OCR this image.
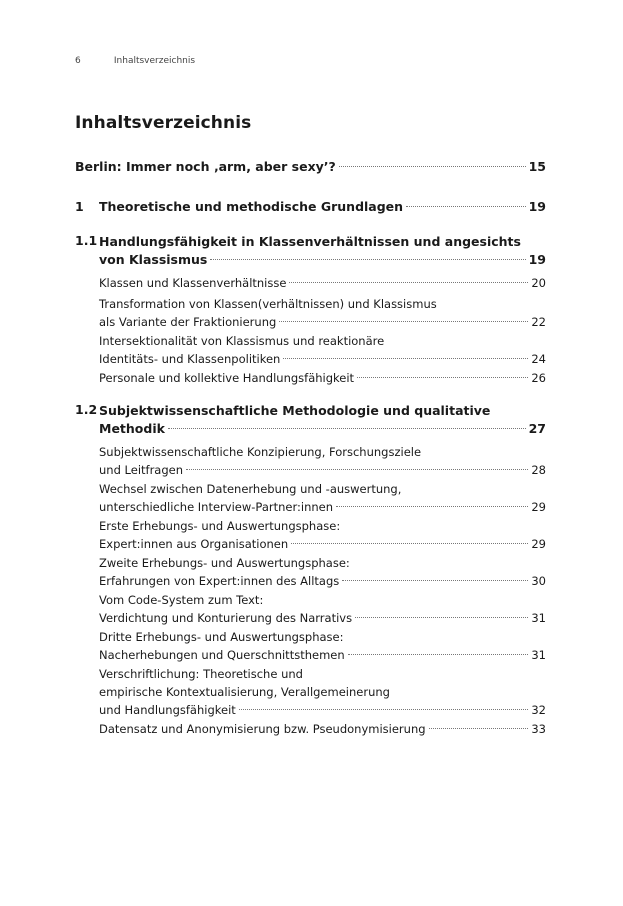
6	Inhaltsverzeichnis
Inhaltsverzeichnis
Berlin: Immer noch ‚arm, aber sexy’?	15
1 Theoretische und methodische Grundlagen	19
1.1 Handlungsfähigkeit in Klassenverhältnissen und angesichts
von Klassismus	19
Klassen und Klassenverhältnisse	20
Transformation von Klassen(verhältnissen) und Klassismus
als Variante der Fraktionierung	22
Intersektionalität von Klassismus und reaktionäre
Identitäts- und Klassenpolitiken	24
Personale und kollektive Handlungsfähigkeit	26
1.2 Subjektwissenschaftliche Methodologie und qualitative
Methodik	27
Subjektwissenschaftliche Konzipierung, Forschungsziele
und Leitfragen	28
Wechsel zwischen Datenerhebung und -auswertung,
unterschiedliche Interview-Partner:innen	29
Erste Erhebungs- und Auswertungsphase:
Expert:innen aus Organisationen	29
Zweite Erhebungs- und Auswertungsphase:
Erfahrungen von Expert:innen des Alltags	30
Vom Code-System zum Text:
Verdichtung und Konturierung des Narrativs	31
Dritte Erhebungs- und Auswertungsphase:
Nacherhebungen und Querschnittsthemen	31
Verschriftlichung: Theoretische und
empirische Kontextualisierung, Verallgemeinerung
und Handlungsfähigkeit	32
Datensatz und Anonymisierung bzw. Pseudonymisierung	33
